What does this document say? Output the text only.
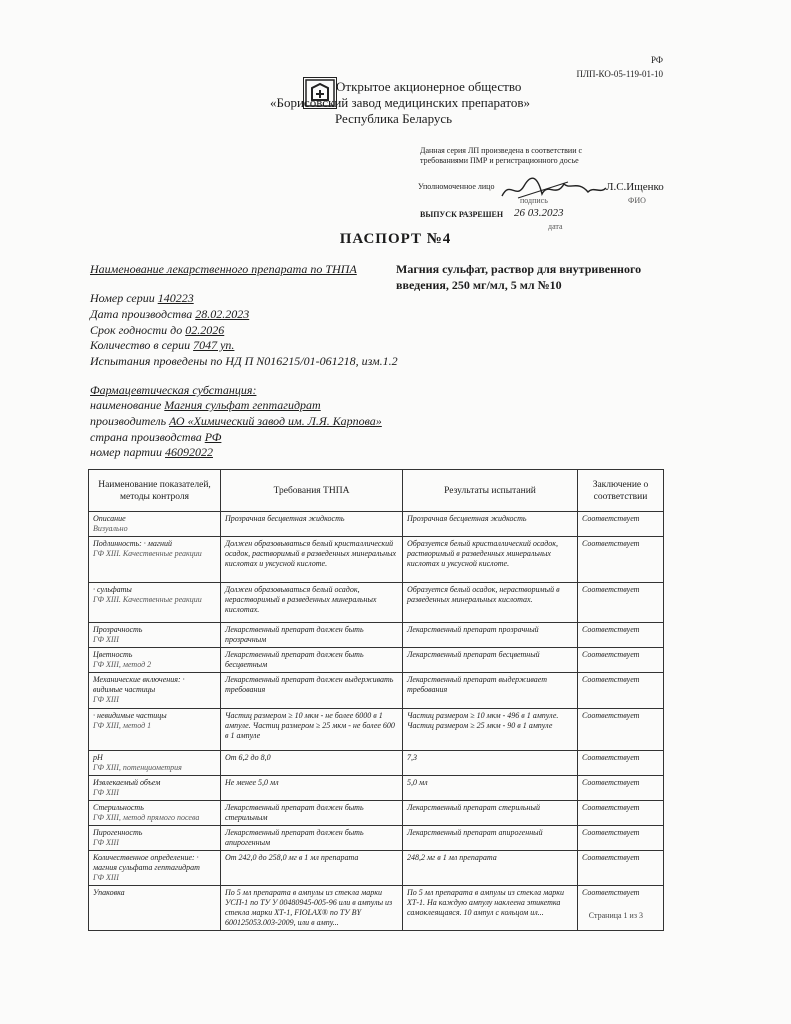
РФ
ПЛП-КО-05-119-01-10
Открытое акционерное общество
«Борисовский завод медицинских препаратов»
Республика Беларусь
Данная серия ЛП произведена в соответствии с требованиями ПМР и регистрационного досье
Уполномоченное лицо
подпись
Л.С.Ищенко
ФИО
ВЫПУСК РАЗРЕШЕН 26 03.2023
дата
ПАСПОРТ №4
Наименование лекарственного препарата по ТНПА	Магния сульфат, раствор для внутривенного
введения, 250 мг/мл, 5 мл №10
Номер серии 140223
Дата производства 28.02.2023
Срок годности до 02.2026
Количество в серии 7047 уп.
Испытания проведены по НД П N016215/01-061218, изм.1.2
Фармацевтическая субстанция:
наименование Магния сульфат гептагидрат
производитель АО «Химический завод им. Л.Я. Карпова»
страна производства РФ
номер партии 46092022
Наименование показателей, методы контроля	Требования ТНПА	Результаты испытаний	Заключение о соответствии

Описание
Визуально	Прозрачная бесцветная жидкость	Прозрачная бесцветная жидкость	Соответствует

Подлинность: · магний
ГФ ХIII. Качественные реакции	Должен образовываться белый кристаллический осадок, растворимый в разведенных минеральных кислотах и уксусной кислоте.	Образуется белый кристаллический осадок, растворимый в разведенных минеральных кислотах и уксусной кислоте.	Соответствует

· сульфаты
ГФ ХIII. Качественные реакции	Должен образовываться белый осадок, нерастворимый в разведенных минеральных кислотах.	Образуется белый осадок, нерастворимый в разведенных минеральных кислотах.	Соответствует

Прозрачность
ГФ ХIII	Лекарственный препарат должен быть прозрачным	Лекарственный препарат прозрачный	Соответствует

Цветность
ГФ ХIII, метод 2	Лекарственный препарат должен быть бесцветным	Лекарственный препарат бесцветный	Соответствует

Механические включения: · видимые частицы
ГФ ХIII	Лекарственный препарат должен выдерживать требования	Лекарственный препарат выдерживает требования	Соответствует

· невидимые частицы
ГФ ХIII, метод 1	Частиц размером ≥ 10 мкм - не более 6000 в 1 ампуле. Частиц размером ≥ 25 мкм - не более 600 в 1 ампуле	Частиц размером ≥ 10 мкм - 496 в 1 ампуле. Частиц размером ≥ 25 мкм - 90 в 1 ампуле	Соответствует

pH
ГФ ХIII, потенциометрия	От 6,2 до 8,0	7,3	Соответствует

Извлекаемый объем
ГФ ХIII	Не менее 5,0 мл	5,0 мл	Соответствует

Стерильность
ГФ ХIII, метод прямого посева	Лекарственный препарат должен быть стерильным	Лекарственный препарат стерильный	Соответствует

Пирогенность
ГФ ХIII	Лекарственный препарат должен быть апирогенным	Лекарственный препарат апирогенный	Соответствует

Количественное определение: · магния сульфата гептагидрат
ГФ ХIII	От 242,0 до 258,0 мг в 1 мл препарата	248,2 мг в 1 мл препарата	Соответствует

Упаковка	По 5 мл препарата в ампулы из стекла марки УСП-1 по ТУ У 00480945-005-96 или в ампулы из стекла марки ХТ-1, FIOLAX® по ТУ BY 600125053.003-2009, или в ампу...	По 5 мл препарата в ампулы из стекла марки ХТ-1. На каждую ампулу наклеена этикетка самоклеящаяся. 10 ампул с кольцом ил...	Соответствует
Страница 1 из 3
